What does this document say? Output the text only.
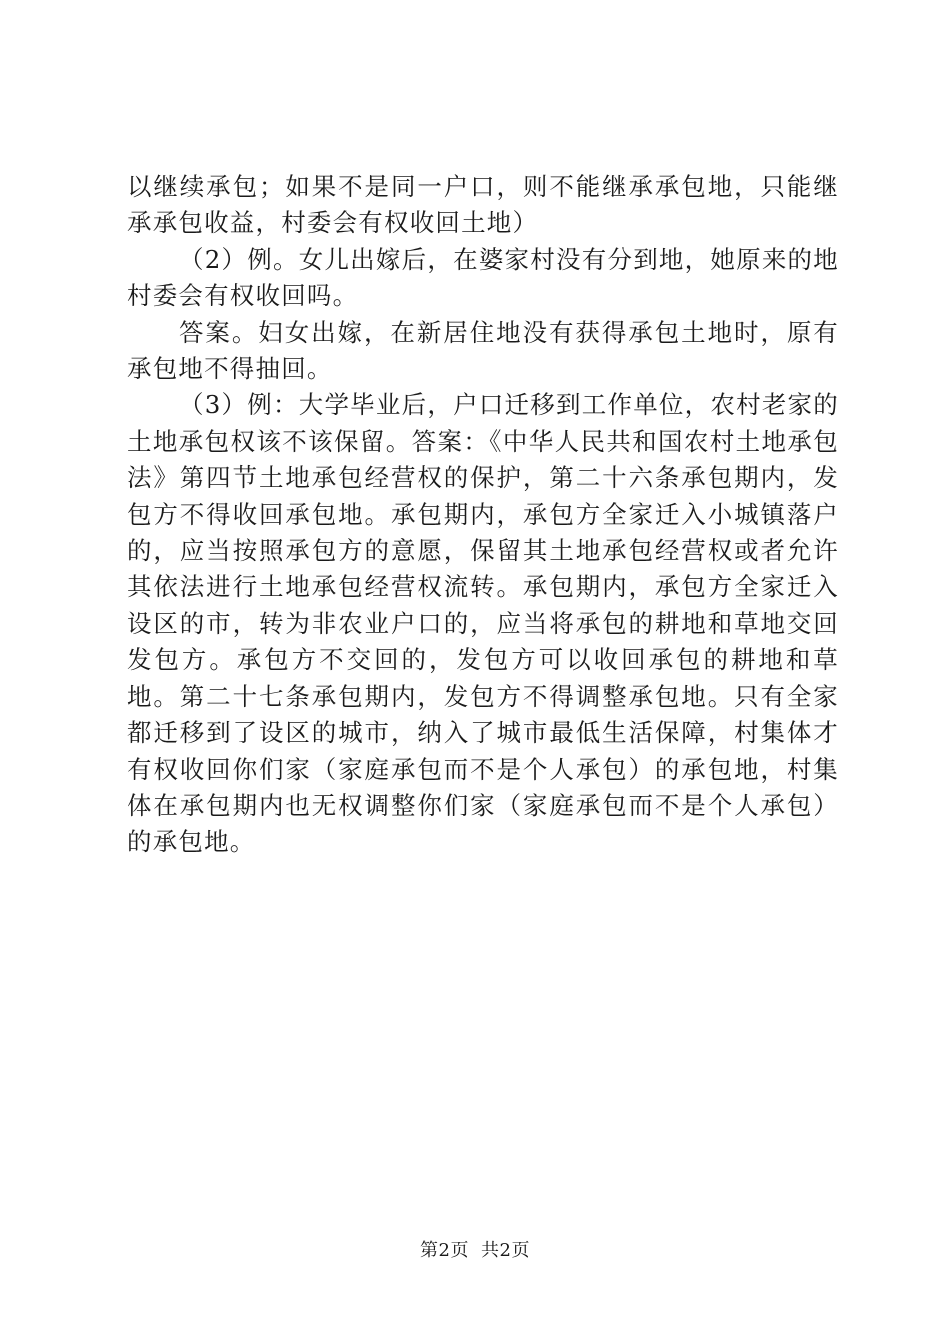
以继续承包；如果不是同一户口，则不能继承承包地，只能继承承包收益，村委会有权收回土地）

（2）例。女儿出嫁后，在婆家村没有分到地，她原来的地村委会有权收回吗。

答案。妇女出嫁，在新居住地没有获得承包土地时，原有承包地不得抽回。

（3）例：大学毕业后，户口迁移到工作单位，农村老家的土地承包权该不该保留。答案：《中华人民共和国农村土地承包法》第四节土地承包经营权的保护，第二十六条承包期内，发包方不得收回承包地。承包期内，承包方全家迁入小城镇落户的，应当按照承包方的意愿，保留其土地承包经营权或者允许其依法进行土地承包经营权流转。承包期内，承包方全家迁入设区的市，转为非农业户口的，应当将承包的耕地和草地交回发包方。承包方不交回的，发包方可以收回承包的耕地和草地。第二十七条承包期内，发包方不得调整承包地。只有全家都迁移到了设区的城市，纳入了城市最低生活保障，村集体才有权收回你们家（家庭承包而不是个人承包）的承包地，村集体在承包期内也无权调整你们家（家庭承包而不是个人承包）的承包地。

第2页 共2页
